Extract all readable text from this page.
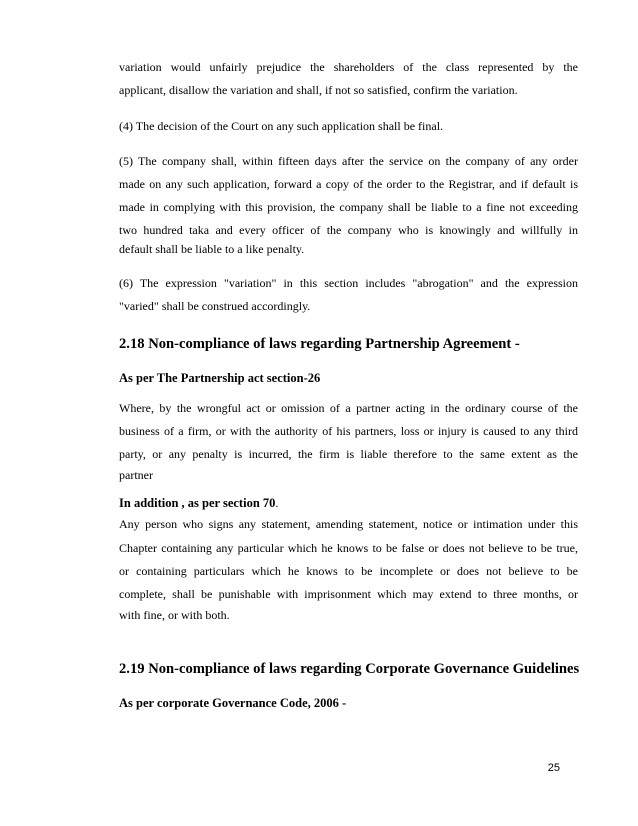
variation would unfairly prejudice the shareholders of the class represented by the
applicant, disallow the variation and shall, if not so satisfied, confirm the variation.
(4) The decision of the Court on any such application shall be final.
(5) The company shall, within fifteen days after the service on the company of any order
made on any such application, forward a copy of the order to the Registrar, and if default is
made in complying with this provision, the company shall be liable to a fine not exceeding
two hundred taka and every officer of the company who is knowingly and willfully in
default shall be liable to a like penalty.
(6) The expression "variation" in this section includes "abrogation" and the expression
"varied" shall be construed accordingly.
2.18 Non-compliance of laws regarding Partnership Agreement -
As per The Partnership act section-26
Where, by the wrongful act or omission of a partner acting in the ordinary course of the
business of a firm, or with the authority of his partners, loss or injury is caused to any third
party, or any penalty is incurred, the firm is liable therefore to the same extent as the
partner
In addition , as per section 70.
Any person who signs any statement, amending statement, notice or intimation under this
Chapter containing any particular which he knows to be false or does not believe to be true,
or containing particulars which he knows to be incomplete or does not believe to be
complete, shall be punishable with imprisonment which may extend to three months, or
with fine, or with both.
2.19 Non-compliance of laws regarding Corporate Governance Guidelines
As per corporate Governance Code, 2006 -
25
